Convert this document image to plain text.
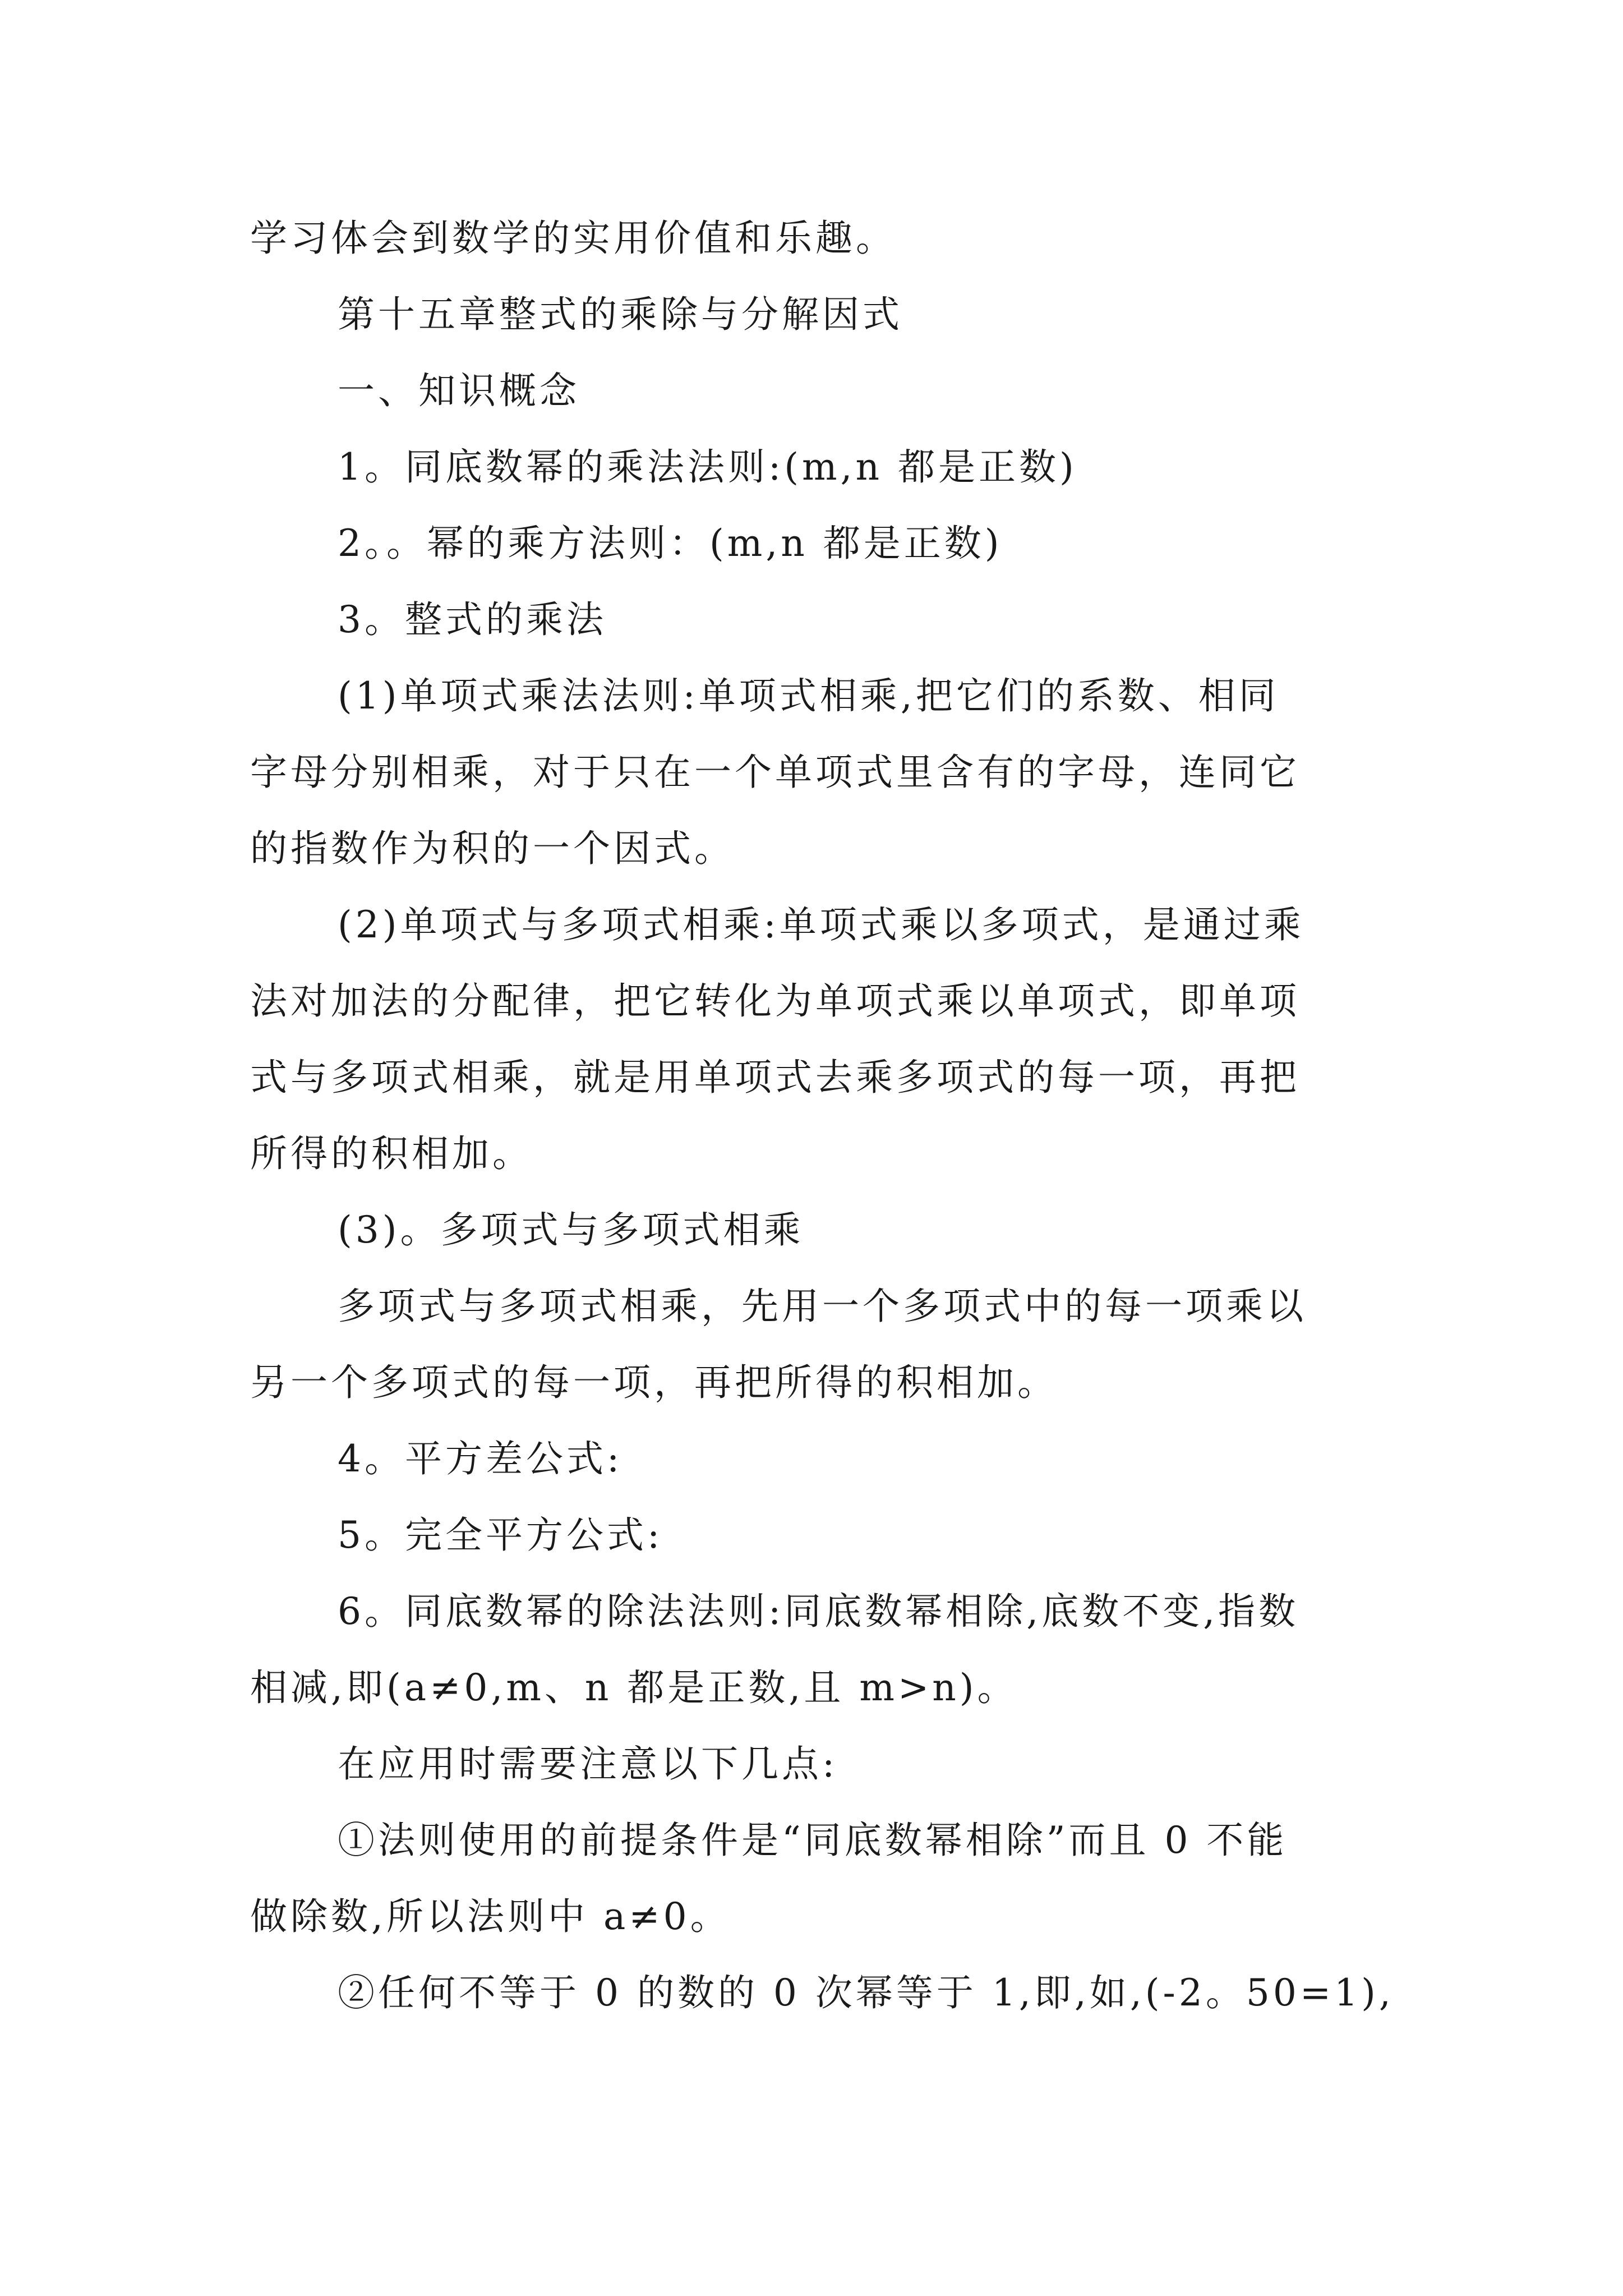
学习体会到数学的实用价值和乐趣。
第十五章整式的乘除与分解因式
一、知识概念
1。同底数幂的乘法法则:(m,n 都是正数)
2。。幂的乘方法则：(m,n 都是正数)
3。整式的乘法
(1)单项式乘法法则:单项式相乘,把它们的系数、相同
字母分别相乘，对于只在一个单项式里含有的字母，连同它
的指数作为积的一个因式。
(2)单项式与多项式相乘:单项式乘以多项式，是通过乘
法对加法的分配律，把它转化为单项式乘以单项式，即单项
式与多项式相乘，就是用单项式去乘多项式的每一项，再把
所得的积相加。
(3)。多项式与多项式相乘
多项式与多项式相乘，先用一个多项式中的每一项乘以
另一个多项式的每一项，再把所得的积相加。
4。平方差公式:
5。完全平方公式:
6。同底数幂的除法法则:同底数幂相除,底数不变,指数
相减,即(a≠0,m、n 都是正数,且 m>n)。
在应用时需要注意以下几点:
①法则使用的前提条件是“同底数幂相除”而且 0 不能
做除数,所以法则中 a≠0。
②任何不等于 0 的数的 0 次幂等于 1,即,如,(-2。50=1),
